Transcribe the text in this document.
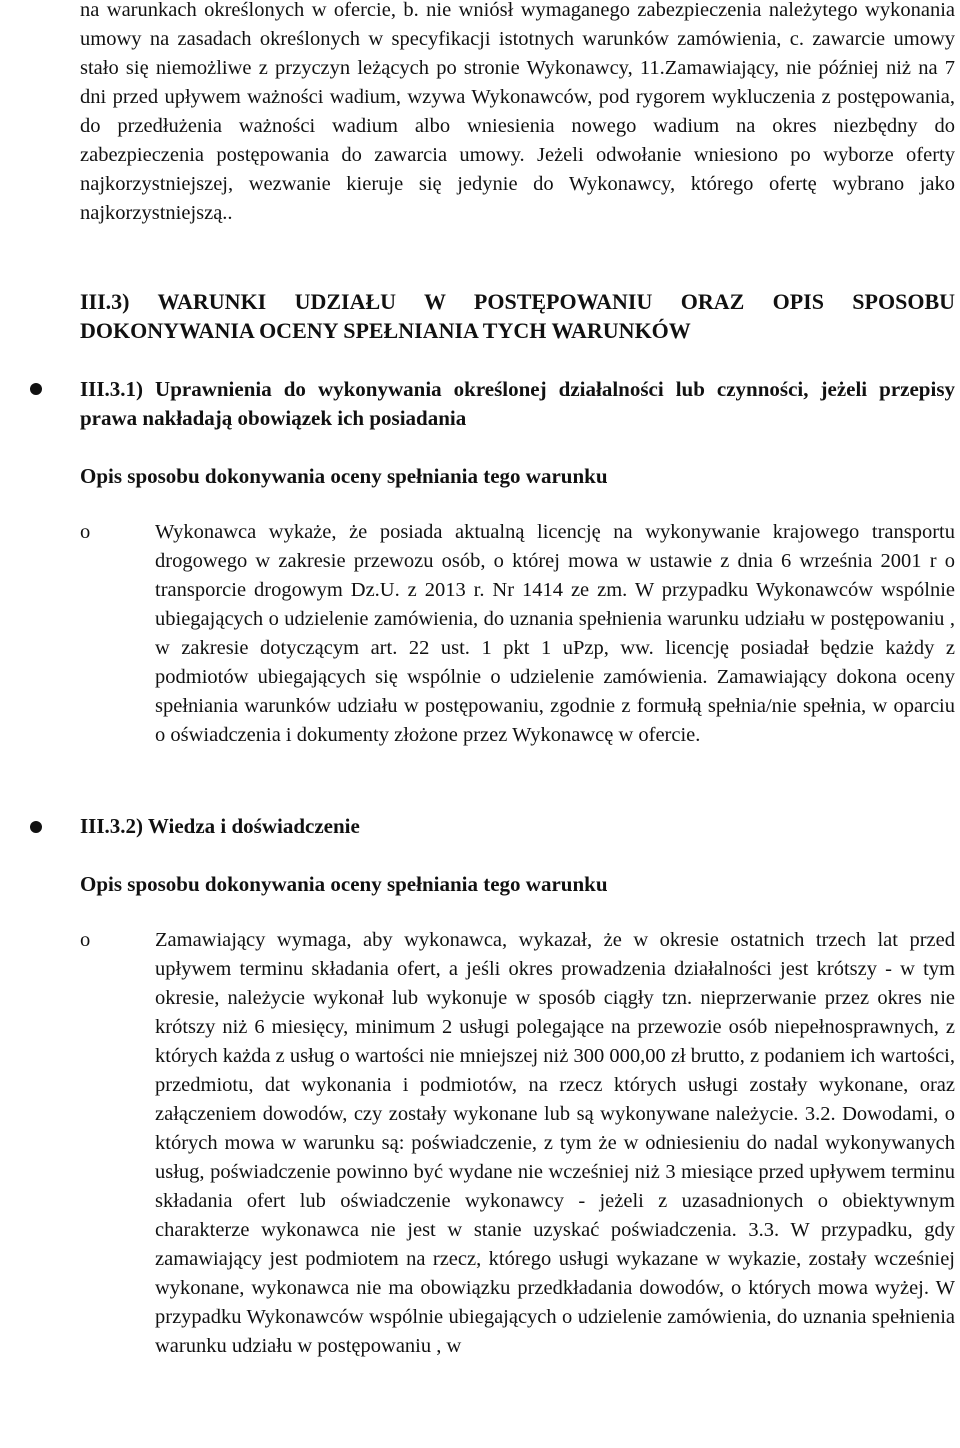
na warunkach określonych w ofercie, b. nie wniósł wymaganego zabezpieczenia należytego wykonania umowy na zasadach określonych w specyfikacji istotnych warunków zamówienia, c. zawarcie umowy stało się niemożliwe z przyczyn leżących po stronie Wykonawcy, 11.Zamawiający, nie później niż na 7 dni przed upływem ważności wadium, wzywa Wykonawców, pod rygorem wykluczenia z postępowania, do przedłużenia ważności wadium albo wniesienia nowego wadium na okres niezbędny do zabezpieczenia postępowania do zawarcia umowy. Jeżeli odwołanie wniesiono po wyborze oferty najkorzystniejszej, wezwanie kieruje się jedynie do Wykonawcy, którego ofertę wybrano jako najkorzystniejszą..

III.3) WARUNKI UDZIAŁU W POSTĘPOWANIU ORAZ OPIS SPOSOBU
DOKONYWANIA OCENY SPEŁNIANIA TYCH WARUNKÓW
III.3.1) Uprawnienia do wykonywania określonej działalności lub czynności, jeżeli przepisy prawa nakładają obowiązek ich posiadania
Opis sposobu dokonywania oceny spełniania tego warunku
o	Wykonawca wykaże, że posiada aktualną licencję na wykonywanie krajowego transportu drogowego w zakresie przewozu osób, o której mowa w ustawie z dnia 6 września 2001 r o transporcie drogowym Dz.U. z 2013 r. Nr 1414 ze zm. W przypadku Wykonawców wspólnie ubiegających o udzielenie zamówienia, do uznania spełnienia warunku udziału w postępowaniu , w zakresie dotyczącym art. 22 ust. 1 pkt 1 uPzp, ww. licencję posiadał będzie każdy z podmiotów ubiegających się wspólnie o udzielenie zamówienia. Zamawiający dokona oceny spełniania warunków udziału w postępowaniu, zgodnie z formułą spełnia/nie spełnia, w oparciu o oświadczenia i dokumenty złożone przez Wykonawcę w ofercie.

III.3.2) Wiedza i doświadczenie
Opis sposobu dokonywania oceny spełniania tego warunku
o	Zamawiający wymaga, aby wykonawca, wykazał, że w okresie ostatnich trzech lat przed upływem terminu składania ofert, a jeśli okres prowadzenia działalności jest krótszy - w tym okresie, należycie wykonał lub wykonuje w sposób ciągły tzn. nieprzerwanie przez okres nie krótszy niż 6 miesięcy, minimum 2 usługi polegające na przewozie osób niepełnosprawnych, z których każda z usług o wartości nie mniejszej niż 300 000,00 zł brutto, z podaniem ich wartości, przedmiotu, dat wykonania i podmiotów, na rzecz których usługi zostały wykonane, oraz załączeniem dowodów, czy zostały wykonane lub są wykonywane należycie. 3.2. Dowodami, o których mowa w warunku są: poświadczenie, z tym że w odniesieniu do nadal wykonywanych usług, poświadczenie powinno być wydane nie wcześniej niż 3 miesiące przed upływem terminu składania ofert lub oświadczenie wykonawcy - jeżeli z uzasadnionych o obiektywnym charakterze wykonawca nie jest w stanie uzyskać poświadczenia. 3.3. W przypadku, gdy zamawiający jest podmiotem na rzecz, którego usługi wykazane w wykazie, zostały wcześniej wykonane, wykonawca nie ma obowiązku przedkładania dowodów, o których mowa wyżej. W przypadku Wykonawców wspólnie ubiegających o udzielenie zamówienia, do uznania spełnienia warunku udziału w postępowaniu , w
